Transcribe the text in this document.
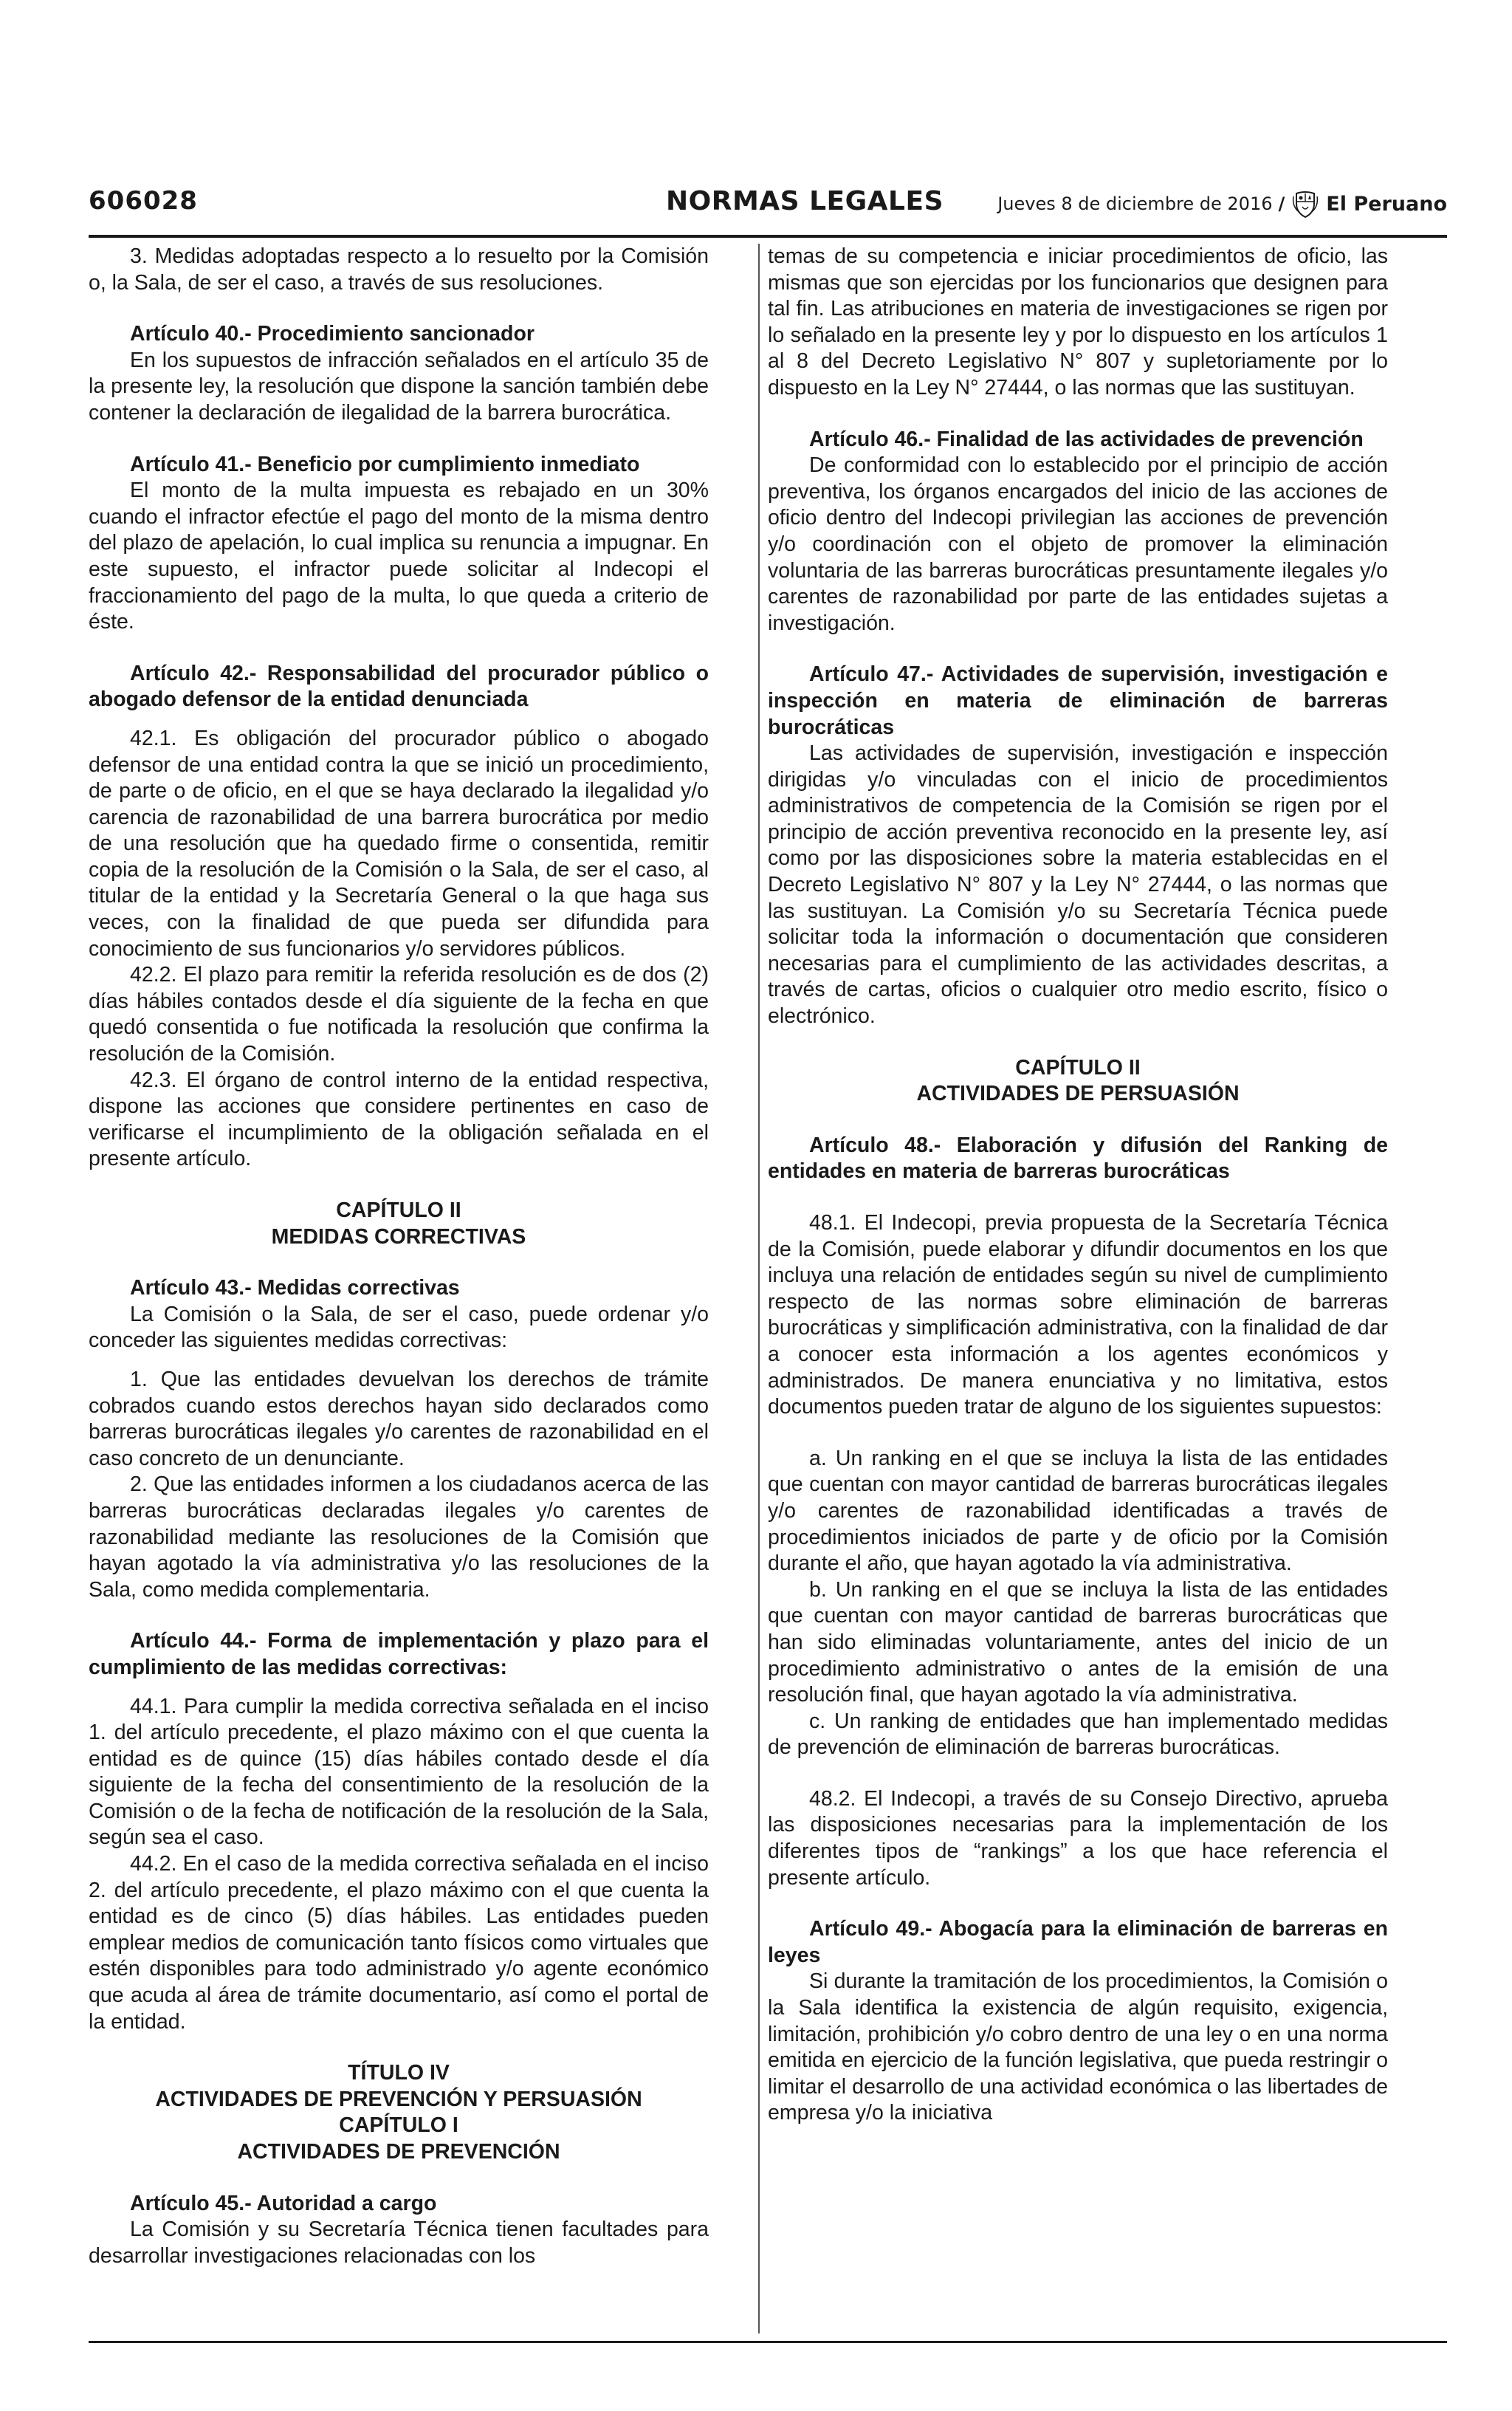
606028	NORMAS LEGALES	Jueves 8 de diciembre de 2016 / El Peruano

3. Medidas adoptadas respecto a lo resuelto por la Comisión o, la Sala, de ser el caso, a través de sus resoluciones.

Artículo 40.- Procedimiento sancionador

En los supuestos de infracción señalados en el artículo 35 de la presente ley, la resolución que dispone la sanción también debe contener la declaración de ilegalidad de la barrera burocrática.

Artículo 41.- Beneficio por cumplimiento inmediato

El monto de la multa impuesta es rebajado en un 30% cuando el infractor efectúe el pago del monto de la misma dentro del plazo de apelación, lo cual implica su renuncia a impugnar. En este supuesto, el infractor puede solicitar al Indecopi el fraccionamiento del pago de la multa, lo que queda a criterio de éste.

Artículo 42.- Responsabilidad del procurador público o abogado defensor de la entidad denunciada

42.1. Es obligación del procurador público o abogado defensor de una entidad contra la que se inició un procedimiento, de parte o de oficio, en el que se haya declarado la ilegalidad y/o carencia de razonabilidad de una barrera burocrática por medio de una resolución que ha quedado firme o consentida, remitir copia de la resolución de la Comisión o la Sala, de ser el caso, al titular de la entidad y la Secretaría General o la que haga sus veces, con la finalidad de que pueda ser difundida para conocimiento de sus funcionarios y/o servidores públicos.

42.2. El plazo para remitir la referida resolución es de dos (2) días hábiles contados desde el día siguiente de la fecha en que quedó consentida o fue notificada la resolución que confirma la resolución de la Comisión.

42.3. El órgano de control interno de la entidad respectiva, dispone las acciones que considere pertinentes en caso de verificarse el incumplimiento de la obligación señalada en el presente artículo.

CAPÍTULO II

MEDIDAS CORRECTIVAS

Artículo 43.- Medidas correctivas

La Comisión o la Sala, de ser el caso, puede ordenar y/o conceder las siguientes medidas correctivas:

1. Que las entidades devuelvan los derechos de trámite cobrados cuando estos derechos hayan sido declarados como barreras burocráticas ilegales y/o carentes de razonabilidad en el caso concreto de un denunciante.

2. Que las entidades informen a los ciudadanos acerca de las barreras burocráticas declaradas ilegales y/o carentes de razonabilidad mediante las resoluciones de la Comisión que hayan agotado la vía administrativa y/o las resoluciones de la Sala, como medida complementaria.

Artículo 44.- Forma de implementación y plazo para el cumplimiento de las medidas correctivas:

44.1. Para cumplir la medida correctiva señalada en el inciso 1. del artículo precedente, el plazo máximo con el que cuenta la entidad es de quince (15) días hábiles contado desde el día siguiente de la fecha del consentimiento de la resolución de la Comisión o de la fecha de notificación de la resolución de la Sala, según sea el caso.

44.2. En el caso de la medida correctiva señalada en el inciso 2. del artículo precedente, el plazo máximo con el que cuenta la entidad es de cinco (5) días hábiles. Las entidades pueden emplear medios de comunicación tanto físicos como virtuales que estén disponibles para todo administrado y/o agente económico que acuda al área de trámite documentario, así como el portal de la entidad.

TÍTULO IV

ACTIVIDADES DE PREVENCIÓN Y PERSUASIÓN

CAPÍTULO I

ACTIVIDADES DE PREVENCIÓN

Artículo 45.- Autoridad a cargo

La Comisión y su Secretaría Técnica tienen facultades para desarrollar investigaciones relacionadas con los

temas de su competencia e iniciar procedimientos de oficio, las mismas que son ejercidas por los funcionarios que designen para tal fin. Las atribuciones en materia de investigaciones se rigen por lo señalado en la presente ley y por lo dispuesto en los artículos 1 al 8 del Decreto Legislativo N° 807 y supletoriamente por lo dispuesto en la Ley N° 27444, o las normas que las sustituyan.

Artículo 46.- Finalidad de las actividades de prevención

De conformidad con lo establecido por el principio de acción preventiva, los órganos encargados del inicio de las acciones de oficio dentro del Indecopi privilegian las acciones de prevención y/o coordinación con el objeto de promover la eliminación voluntaria de las barreras burocráticas presuntamente ilegales y/o carentes de razonabilidad por parte de las entidades sujetas a investigación.

Artículo 47.- Actividades de supervisión, investigación e inspección en materia de eliminación de barreras burocráticas

Las actividades de supervisión, investigación e inspección dirigidas y/o vinculadas con el inicio de procedimientos administrativos de competencia de la Comisión se rigen por el principio de acción preventiva reconocido en la presente ley, así como por las disposiciones sobre la materia establecidas en el Decreto Legislativo N° 807 y la Ley N° 27444, o las normas que las sustituyan. La Comisión y/o su Secretaría Técnica puede solicitar toda la información o documentación que consideren necesarias para el cumplimiento de las actividades descritas, a través de cartas, oficios o cualquier otro medio escrito, físico o electrónico.

CAPÍTULO II

ACTIVIDADES DE PERSUASIÓN

Artículo 48.- Elaboración y difusión del Ranking de entidades en materia de barreras burocráticas

48.1. El Indecopi, previa propuesta de la Secretaría Técnica de la Comisión, puede elaborar y difundir documentos en los que incluya una relación de entidades según su nivel de cumplimiento respecto de las normas sobre eliminación de barreras burocráticas y simplificación administrativa, con la finalidad de dar a conocer esta información a los agentes económicos y administrados. De manera enunciativa y no limitativa, estos documentos pueden tratar de alguno de los siguientes supuestos:

a. Un ranking en el que se incluya la lista de las entidades que cuentan con mayor cantidad de barreras burocráticas ilegales y/o carentes de razonabilidad identificadas a través de procedimientos iniciados de parte y de oficio por la Comisión durante el año, que hayan agotado la vía administrativa.

b. Un ranking en el que se incluya la lista de las entidades que cuentan con mayor cantidad de barreras burocráticas que han sido eliminadas voluntariamente, antes del inicio de un procedimiento administrativo o antes de la emisión de una resolución final, que hayan agotado la vía administrativa.

c. Un ranking de entidades que han implementado medidas de prevención de eliminación de barreras burocráticas.

48.2. El Indecopi, a través de su Consejo Directivo, aprueba las disposiciones necesarias para la implementación de los diferentes tipos de “rankings” a los que hace referencia el presente artículo.

Artículo 49.- Abogacía para la eliminación de barreras en leyes

Si durante la tramitación de los procedimientos, la Comisión o la Sala identifica la existencia de algún requisito, exigencia, limitación, prohibición y/o cobro dentro de una ley o en una norma emitida en ejercicio de la función legislativa, que pueda restringir o limitar el desarrollo de una actividad económica o las libertades de empresa y/o la iniciativa
